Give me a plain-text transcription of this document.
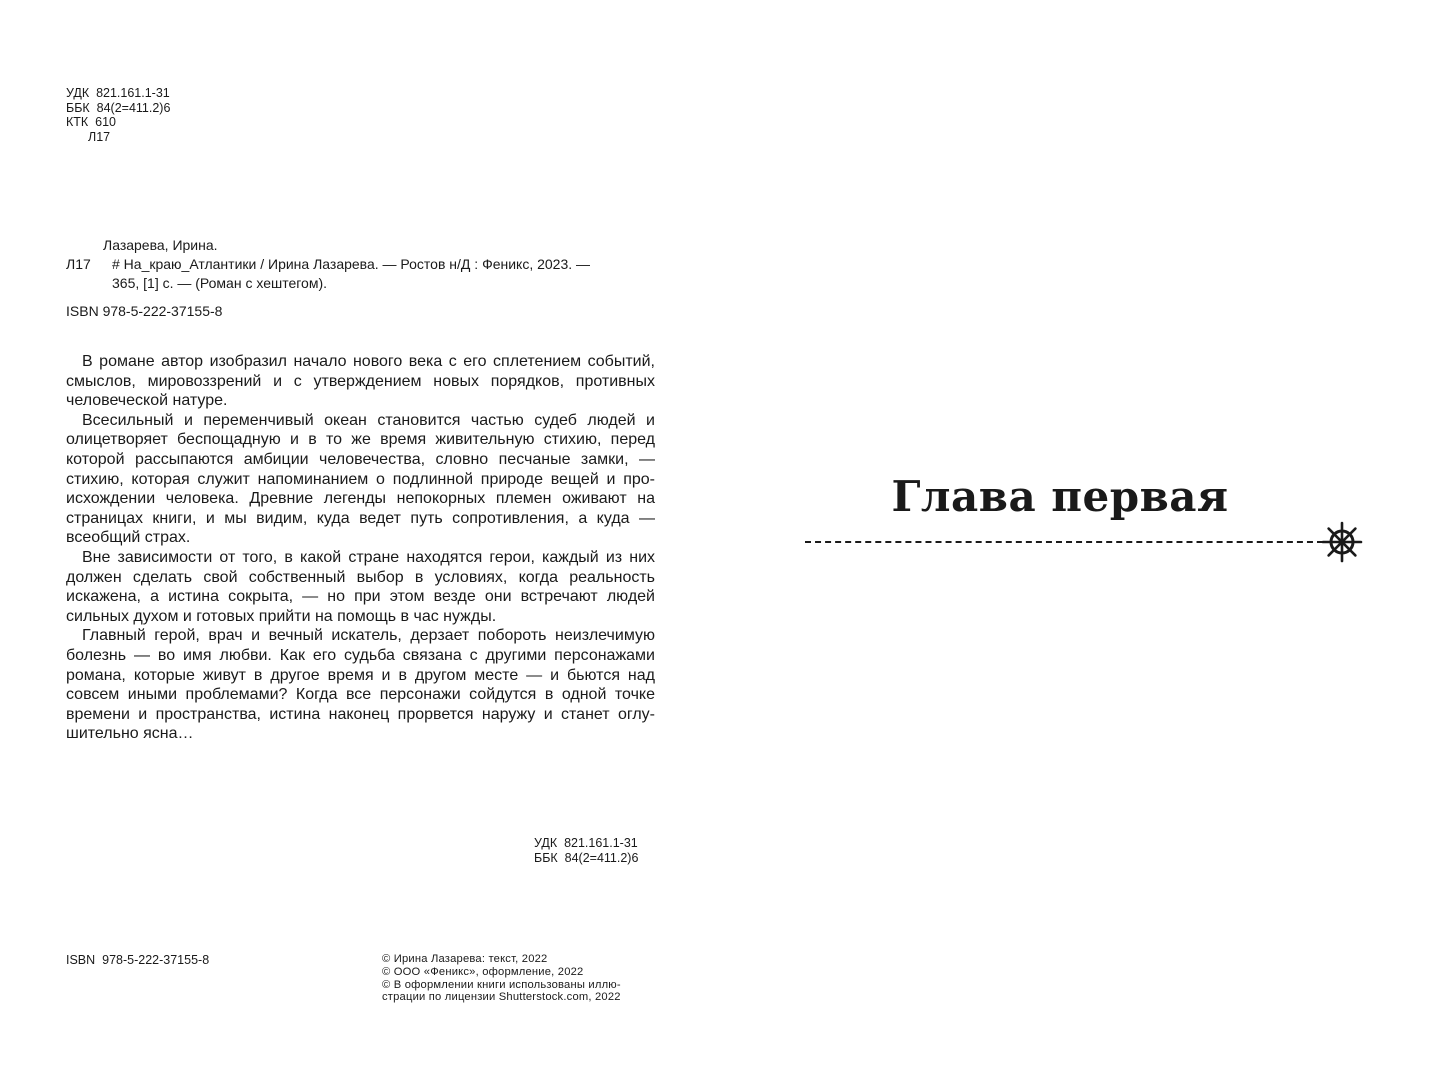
УДК  821.161.1-31
ББК  84(2=411.2)6
КТК  610
Л17
Лазарева, Ирина.
Л17	# На_краю_Атлантики / Ирина Лазарева. — Ростов н/Д : Феникс, 2023. —
365, [1] с. — (Роман с хештегом).
ISBN 978-5-222-37155-8

В романе автор изобразил начало нового века с его сплетением событий, смыслов, мировоззрений и с утверждением новых порядков, противных человеческой натуре.

Всесильный и переменчивый океан становится частью судеб людей и олицетворяет беспощадную и в то же время живительную стихию, перед которой рассыпаются амбиции человечества, словно песчаные замки, — стихию, которая служит напоминанием о подлинной природе вещей и происхождении человека. Древние легенды непокорных племен оживают на страницах книги, и мы видим, куда ведет путь сопротивления, а куда — всеобщий страх.

Вне зависимости от того, в какой стране находятся герои, каждый из них должен сделать свой собственный выбор в условиях, когда реальность искажена, а истина сокрыта, — но при этом везде они встречают людей сильных духом и готовых прийти на помощь в час нужды.

Главный герой, врач и вечный искатель, дерзает побороть неизлечимую болезнь — во имя любви. Как его судьба связана с другими персонажами романа, которые живут в другое время и в другом месте — и бьются над совсем иными проблемами? Когда все персонажи сойдутся в одной точке времени и пространства, истина наконец прорвется наружу и станет оглушительно ясна…

УДК  821.161.1-31
ББК  84(2=411.2)6
ISBN  978-5-222-37155-8	© Ирина Лазарева: текст, 2022
© ООО «Феникс», оформление, 2022
© В оформлении книги использованы иллю-
страции по лицензии Shutterstock.com, 2022
Глава первая
